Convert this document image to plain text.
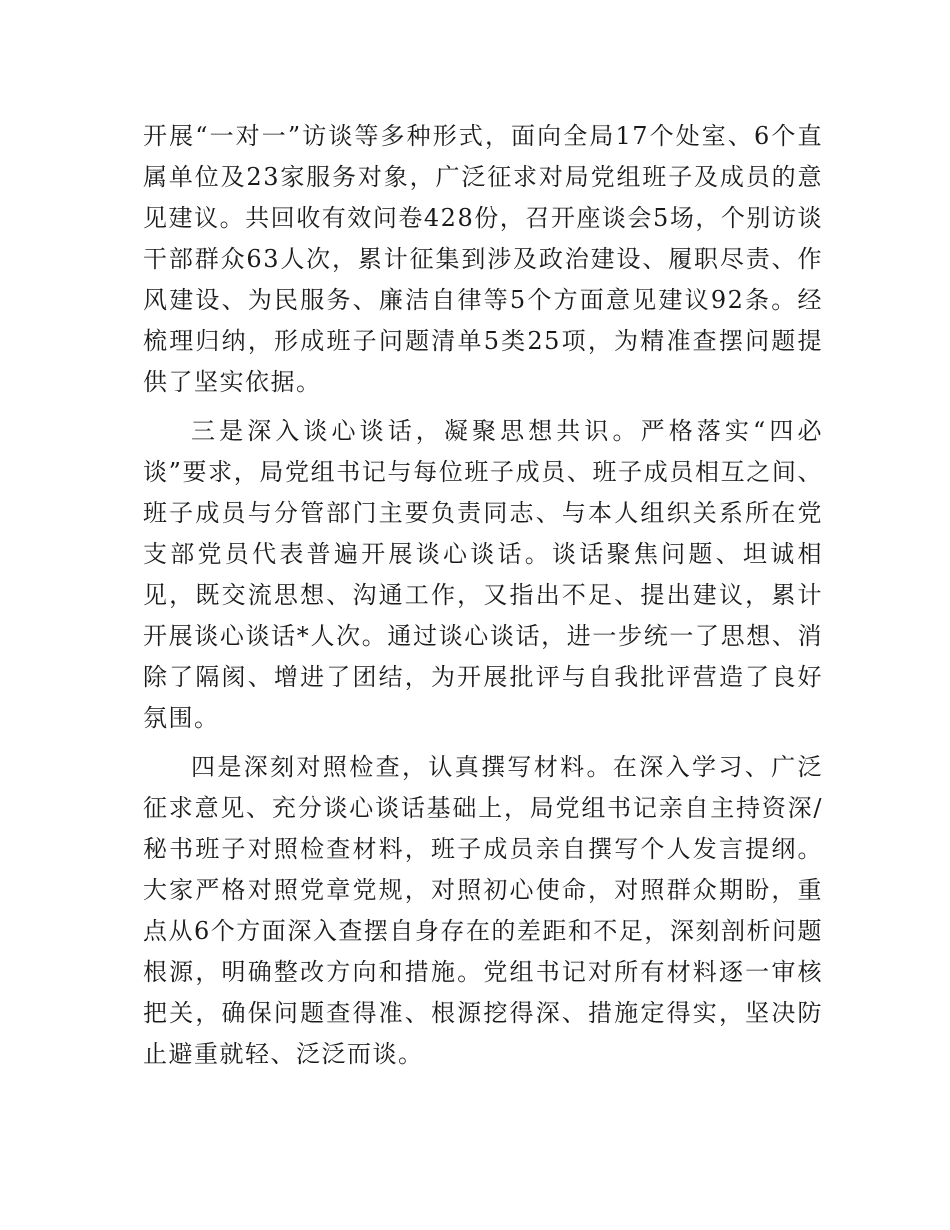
开展“一对一”访谈等多种形式，面向全局17个处室、6个直属单位及23家服务对象，广泛征求对局党组班子及成员的意见建议。共回收有效问卷428份，召开座谈会5场，个别访谈干部群众63人次，累计征集到涉及政治建设、履职尽责、作风建设、为民服务、廉洁自律等5个方面意见建议92条。经梳理归纳，形成班子问题清单5类25项，为精准查摆问题提供了坚实依据。

三是深入谈心谈话，凝聚思想共识。严格落实“四必谈”要求，局党组书记与每位班子成员、班子成员相互之间、班子成员与分管部门主要负责同志、与本人组织关系所在党支部党员代表普遍开展谈心谈话。谈话聚焦问题、坦诚相见，既交流思想、沟通工作，又指出不足、提出建议，累计开展谈心谈话*人次。通过谈心谈话，进一步统一了思想、消除了隔阂、增进了团结，为开展批评与自我批评营造了良好氛围。

四是深刻对照检查，认真撰写材料。在深入学习、广泛征求意见、充分谈心谈话基础上，局党组书记亲自主持资深/秘书班子对照检查材料，班子成员亲自撰写个人发言提纲。大家严格对照党章党规，对照初心使命，对照群众期盼，重点从6个方面深入查摆自身存在的差距和不足，深刻剖析问题根源，明确整改方向和措施。党组书记对所有材料逐一审核把关，确保问题查得准、根源挖得深、措施定得实，坚决防止避重就轻、泛泛而谈。
